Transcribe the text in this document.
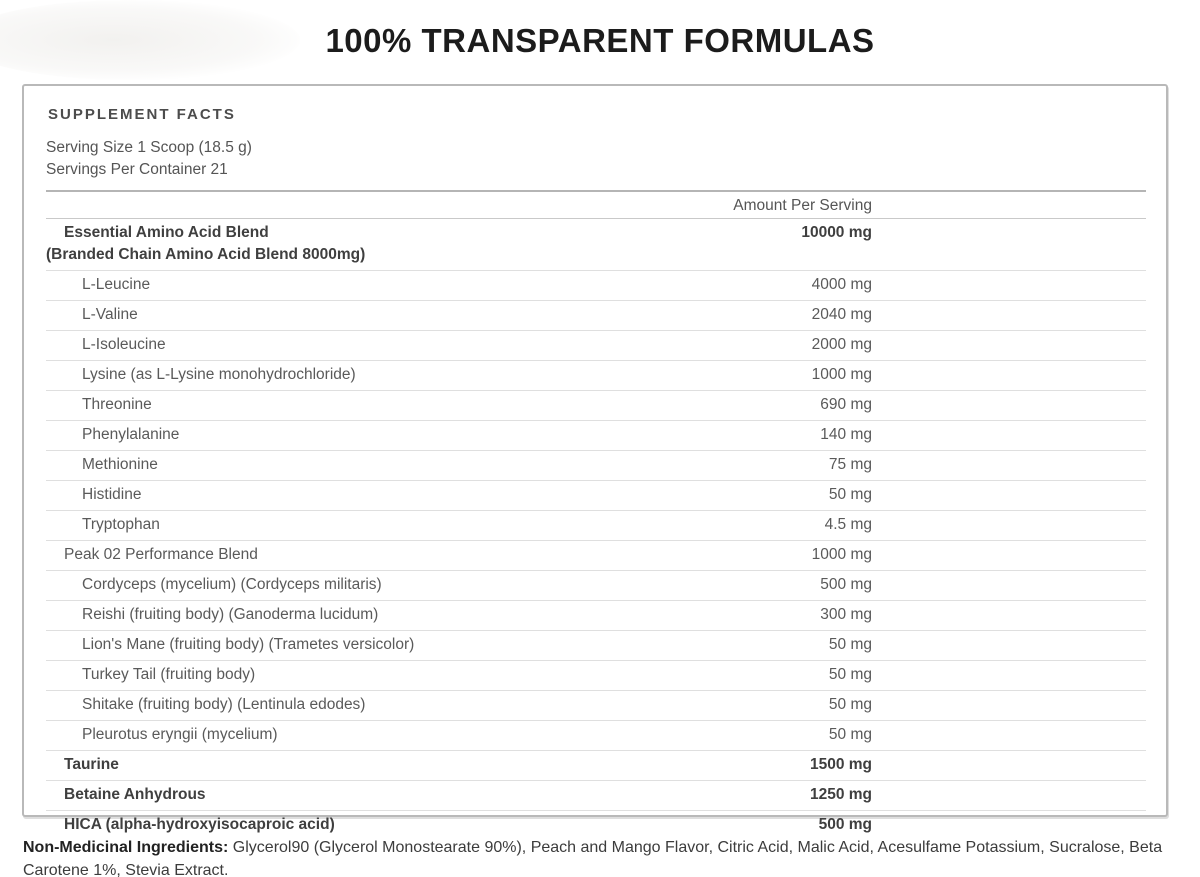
100% TRANSPARENT FORMULAS
SUPPLEMENT FACTS
Serving Size 1 Scoop (18.5 g)
Servings Per Container 21
Amount Per Serving
Essential Amino Acid Blend
(Branded Chain Amino Acid Blend 8000mg)
10000 mg
L-Leucine	4000 mg
L-Valine	2040 mg
L-Isoleucine	2000 mg
Lysine (as L-Lysine monohydrochloride)	1000 mg
Threonine	690 mg
Phenylalanine	140 mg
Methionine	75 mg
Histidine	50 mg
Tryptophan	4.5 mg
Peak 02 Performance Blend	1000 mg
Cordyceps (mycelium) (Cordyceps militaris)	500 mg
Reishi (fruiting body) (Ganoderma lucidum)	300 mg
Lion's Mane (fruiting body) (Trametes versicolor)	50 mg
Turkey Tail (fruiting body)	50 mg
Shitake (fruiting body) (Lentinula edodes)	50 mg
Pleurotus eryngii (mycelium)	50 mg
Taurine	1500 mg
Betaine Anhydrous	1250 mg
HICA (alpha-hydroxyisocaproic acid)	500 mg
Non-Medicinal Ingredients: Glycerol90 (Glycerol Monostearate 90%), Peach and Mango Flavor, Citric Acid, Malic Acid, Acesulfame Potassium, Sucralose, Beta Carotene 1%, Stevia Extract.
